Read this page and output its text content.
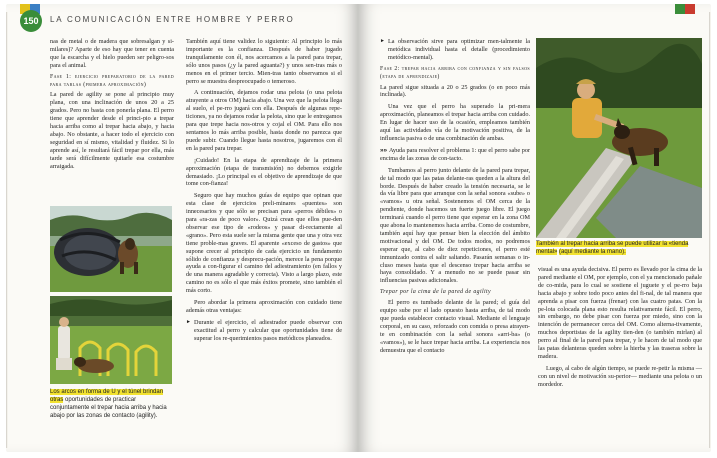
150	LA COMUNICACIÓN ENTRE HOMBRE Y PERRO

nas de metal o de madera que sobresalgan y si-milares)? Aparte de eso hay que tener en cuenta que la escarcha y el hielo pueden ser peligro-sos para el animal.

Fase 1: ejercicio preparatorio de la pared para tablas (primera aproximación)

La pared de agility se pone al principio muy plana, con una inclinación de unos 20 a 25 grados. Pero no basta con ponerla plana. El perro tiene que aprender desde el princi-pio a trepar hacia arriba como al trepar hacia abajo, y hacia abajo. No obstante, a hacer todo el ejercicio con seguridad en sí mismo, vitalidad y fluidez. Si lo aprende así, le resultará fácil trepar por ella, más tarde será difícilmente quitarle esa costumbre arraigada.

Los arcos en forma de U y el túnel brindan otras oportunidades de practicar conjuntamente el trepar hacia arriba y hacia abajo por las zonas de contacto (agility).

También aquí tiene validez lo siguiente: Al principio lo más importante es la confianza. Después de haber jugado tranquilamente con él, nos acercamos a la pared para trepar, sólo unos pasos (¿y la pared aguanta?) y unos sen-tras más o menos en el primer tercio. Mien-tras tanto observamos si el perro se muestra despreocupado o temeroso.

A continuación, dejamos rodar una pelota (o una pelota atrayente a otros OM) hacia abajo. Una vez que la pelota llega al suelo, el pe-rro jugará con ella. Después de algunas repe-ticiones, ya no dejamos rodar la pelota, sino que le entregamos para que trepe hacia nos-otros y cojal el OM. Para ello nos sentamos lo más arriba posible, hasta donde no parezca que puede subir. Cuando llegue hasta nosotros, jugaremos con él en la pared para trepar.

¡Cuidado! En la etapa de aprendizaje de la primera aproximación (etapa de transmisión) no debemos exigirle demasiado. ¡Lo principal es el objetivo de aprendizaje de que tome con-fianza!

Seguro que hay muchos guías de equipo que opinan que esta clase de ejercicios preli-minares «puentes» son innecesarios y que sólo se precisan para «perros débiles» o para «ra-zas de poco valor». Quizá crean que ellos pue-den observar ese tipo de «rodeos» y pasar di-rectamente al «grano». Pero esta suele ser la misma gente que una y otra vez tiene proble-mas graves. El aparente «exceso de gastos» que supone crecer al principio de cada ejercicio un fundamento sólido de confianza y desprecu-pación, merece la pena porque ayuda a con-figurar el camino del adiestramiento (en fallos y de una manera agradable y correcta). Visto a largo plazo, este camino no es sólo el que más éxitos promete, sino también el más corto.

Pero abordar la primera aproximación con cuidado tiene además otras ventajas:

► Durante el ejercicio, el adiestrador puede observar con exactitud al perro y calcular que oportunidades tiene de superar los re-querimientos pasos metódicos planeados.

► La observación sirve para optimizar men-talmente la metódica individual hasta el detalle (procedimiento metódico-mental).

Fase 2: trepar hacia arriba con confianza y sin falsos (etapa de aprendizaje)

La pared sigue situada a 20 o 25 grados (o en poco más inclinada).

Una vez que el perro ha superado la pri-mera aproximación, planeamos el trepar hacia arriba con cuidado. En lugar de hacer uso de la ocasión, empleamos también aquí las actividades vía de la motivación positiva, de la influencia pasiva o de una combinación de ambas.

»» Ayuda para resolver el problema 1: que el perro sabe por encima de las zonas de con-tacto.

Tumbamos al perro junto delante de la pared para trepar, de tal modo que las patas delante-ras queden a la altura del borde. Después de haber creado la tensión necesaria, se le da vía libre para que arranque con la señal sonora «sube» o «vamos» u otra señal. Sostenemos el OM cerca de la pendiente, donde hacemos un fuerte juego libre. El juego terminará cuando el perro tiene que esperar en la zona OM que abona lo mantenemos hacia arriba. Como de costumbre, también aquí hay que pensar bien la elección del ámbito motivacional y del OM. De todos modos, no podremos esperar que, al cabo de diez repeticiones, el perro esté inmunizado contra el salir saltando. Pasarán semanas o in-cluso meses hasta que el descenso trepar hacia arriba se haya consolidado. Y a menudo no se puede pasar sin influencias pasivas adicionales.

Trepar por la cima de la pared de agility

El perro es tumbado delante de la pared; el guía del equipo sube por el lado opuesto hasta arriba, de tal modo que pueda establecer contacto visual. Mediante el lenguaje corporal, en su caso, reforzado con comida o presa atrayen-te en combinación con la señal sonora «arri-ba» (o «vamos»), se le hace trepar hacia arriba. La experiencia nos demuestra que el contacto

También al trepar hacia arriba se puede utilizar la «tienda mental» (aquí mediante la mano).

visual es una ayuda decisiva. El perro es llevado por la cima de la pared mediante el OM, por ejemplo, con el ya mencionado pañale de co-mida, para lo cual se sostiene el juguete y el pe-rro baja hacia abajo y sobre todo poco antes del fi-nal, de tal manera que aprenda a pisar con fuerza (frenar) con las cuatro patas. Con la pe-lota colocada plana esto resulta relativamente fácil. El perro, sin embargo, no debe pisar con fuerza por miedo, sino con la intención de permanecer cerca del OM. Como alterna-tivamente, muchos deportistas de la agility tien-den (o también mirlan) al perro al final de la pared para trepar, y le hacen de tal modo que las patas delanteras queden sobre la hierba y las traseras sobre la madera.

Luego, al cabo de algún tiempo, se puede re-petir la misma —con un nivel de motivación su-perior— mediante una pelota o un mordedor.
